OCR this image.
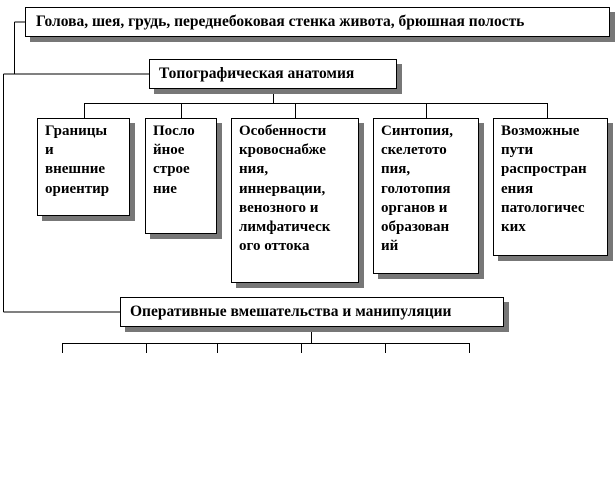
Голова, шея, грудь, переднебоковая стенка живота, брюшная полость
Топографическая анатомия
Границы
и
внешние
ориентир
Посло
йное
строе
ние
Особенности
кровоснабже
ния,
иннервации,
венозного и
лимфатическ
ого оттока
Синтопия,
скелетото
пия,
голотопия
органов и
образован
ий
Возможные
пути
распростран
ения
патологичес
ких
Оперативные вмешательства и манипуляции
